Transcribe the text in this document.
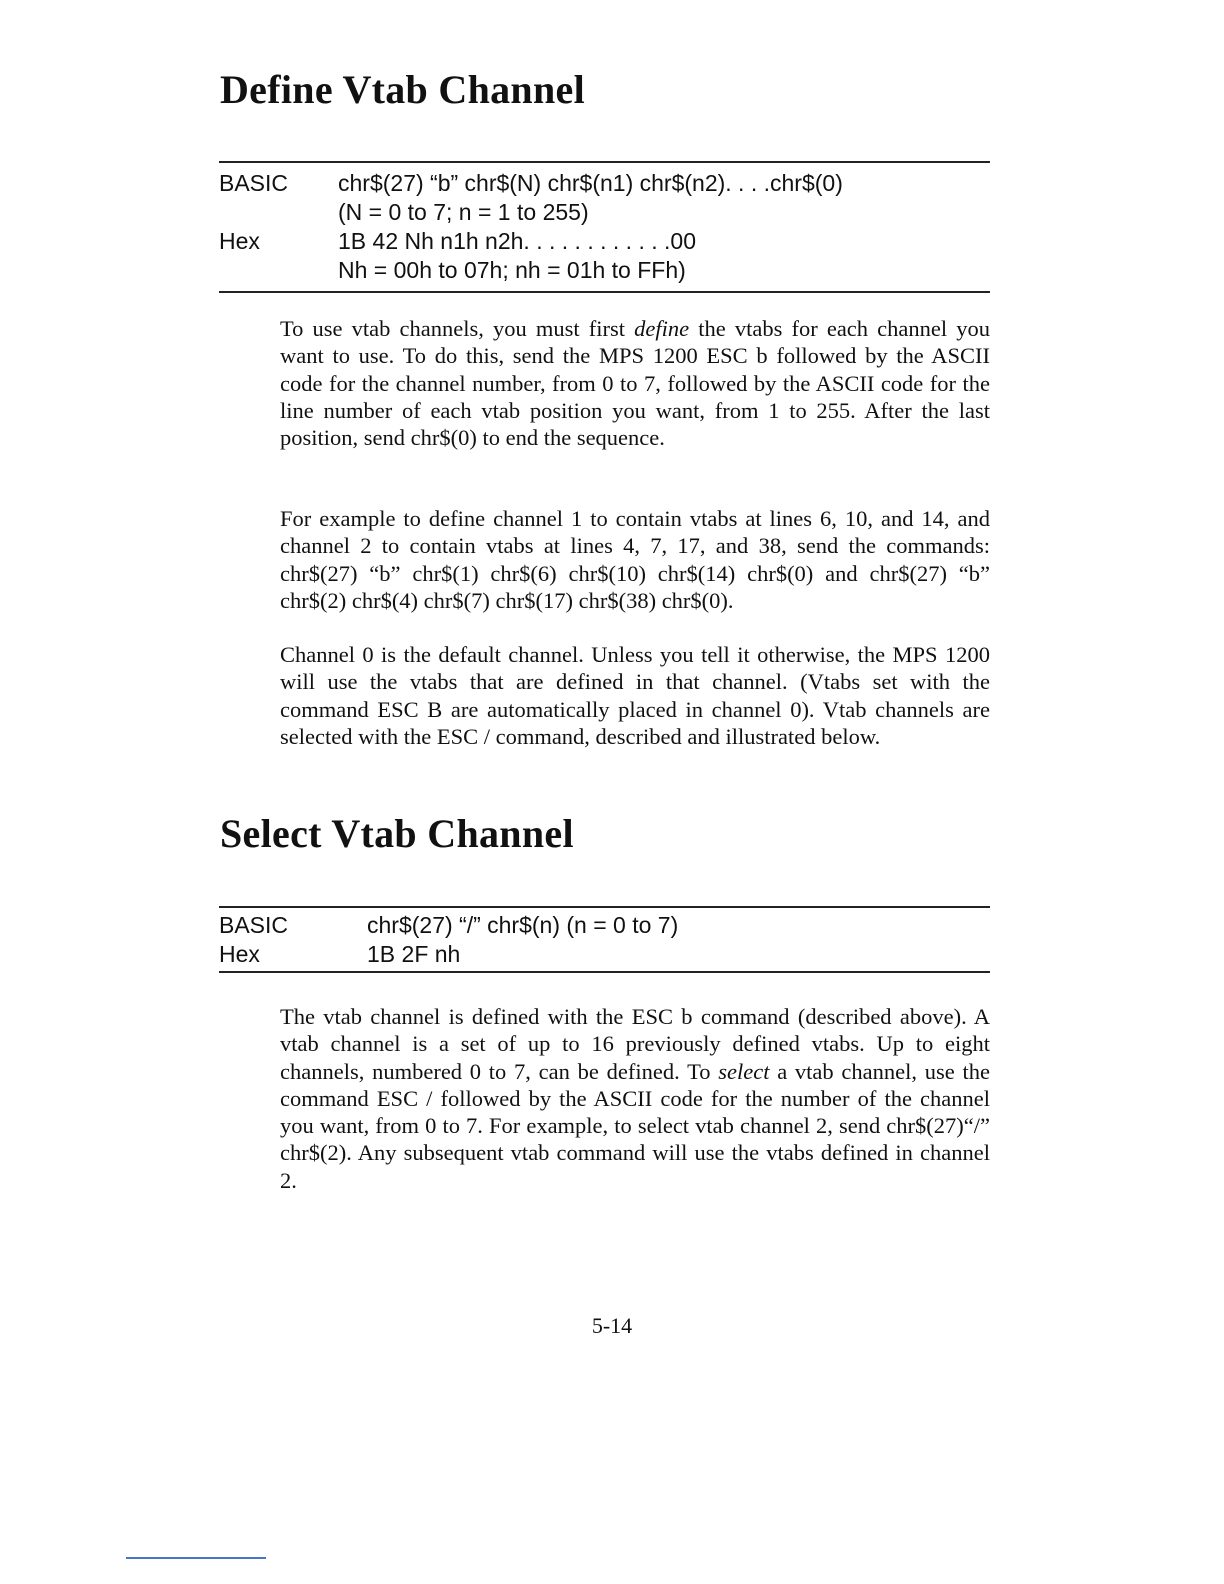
Define Vtab Channel
BASIC	chr$(27) “b” chr$(N) chr$(n1) chr$(n2). . . .chr$(0)
(N = 0 to 7; n = 1 to 255)
Hex	1B 42 Nh n1h n2h. . . . . . . . . . . .00
Nh = 00h to 07h; nh = 01h to FFh)

To use vtab channels, you must first define the vtabs for each channel you want to use. To do this, send the MPS 1200 ESC b followed by the ASCII code for the channel number, from 0 to 7, followed by the ASCII code for the line number of each vtab position you want, from 1 to 255. After the last position, send chr$(0) to end the sequence.

For example to define channel 1 to contain vtabs at lines 6, 10, and 14, and channel 2 to contain vtabs at lines 4, 7, 17, and 38, send the commands: chr$(27) “b” chr$(1) chr$(6) chr$(10) chr$(14) chr$(0) and chr$(27) “b” chr$(2) chr$(4) chr$(7) chr$(17) chr$(38) chr$(0).

Channel 0 is the default channel. Unless you tell it otherwise, the MPS 1200 will use the vtabs that are defined in that channel. (Vtabs set with the command ESC B are automatically placed in channel 0). Vtab channels are selected with the ESC / command, described and illustrated below.

Select Vtab Channel
BASIC	chr$(27) “/” chr$(n) (n = 0 to 7)
Hex	1B 2F nh

The vtab channel is defined with the ESC b command (described above). A vtab channel is a set of up to 16 previously defined vtabs. Up to eight channels, numbered 0 to 7, can be defined. To select a vtab channel, use the command ESC / followed by the ASCII code for the number of the channel you want, from 0 to 7. For example, to select vtab channel 2, send chr$(27)“/” chr$(2). Any subsequent vtab command will use the vtabs defined in channel 2.

5-14
